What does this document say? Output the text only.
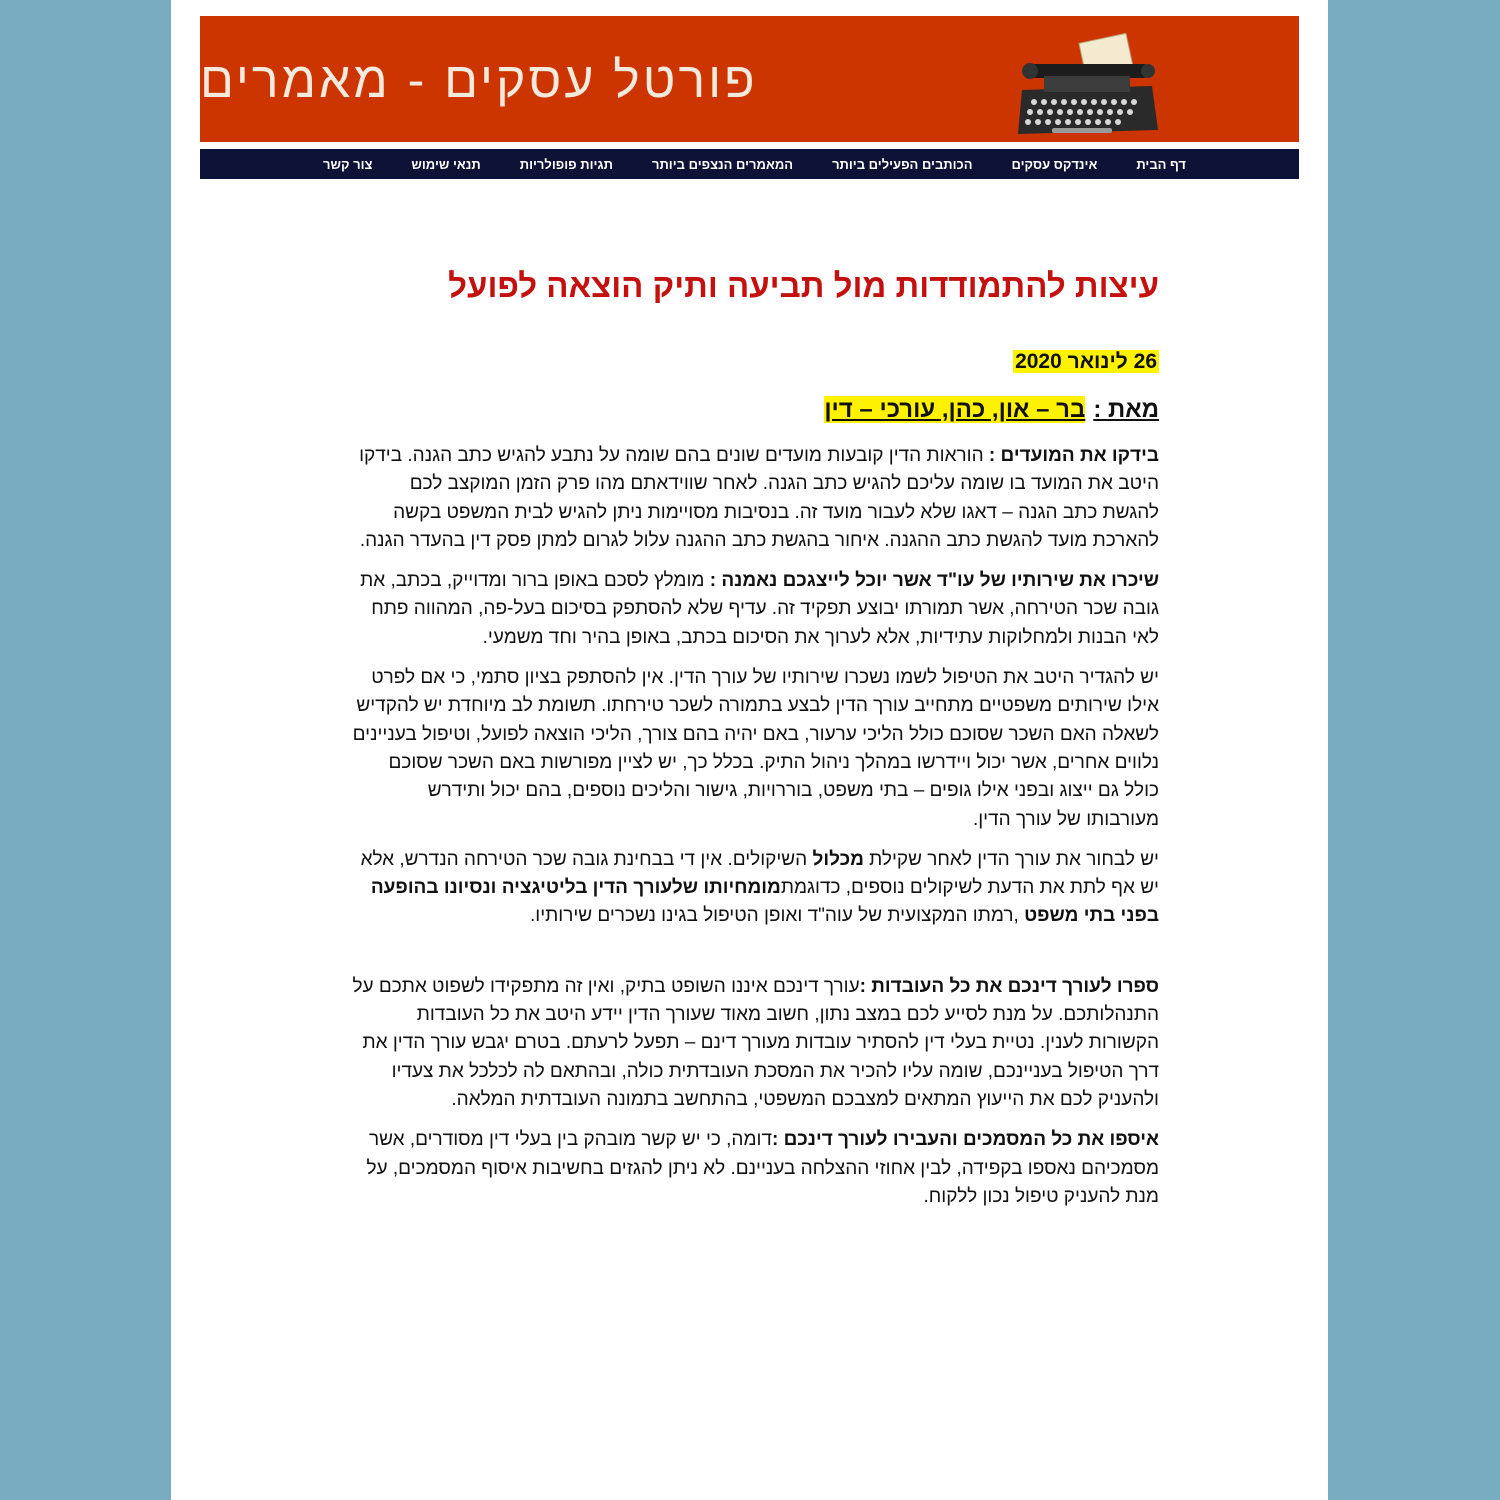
פורטל עסקים - מאמרים
דף הבית
אינדקס עסקים
הכותבים הפעילים ביותר
המאמרים הנצפים ביותר
תגיות פופולריות
תנאי שימוש
צור קשר
עיצות להתמודדות מול תביעה ותיק הוצאה לפועל
26 לינואר 2020
מאת :בר – און, כהן, עורכי – דין

בידקו את המועדים : הוראות הדין קובעות מועדים שונים בהם שומה על נתבע להגיש כתב הגנה. בידקו היטב את המועד בו שומה עליכם להגיש כתב הגנה. לאחר שווידאתם מהו פרק הזמן המוקצב לכם להגשת כתב הגנה – דאגו שלא לעבור מועד זה. בנסיבות מסויימות ניתן להגיש לבית המשפט בקשה להארכת מועד להגשת כתב ההגנה. איחור בהגשת כתב ההגנה עלול לגרום למתן פסק דין בהעדר הגנה.

שיכרו את שירותיו של עו"ד אשר יוכל לייצגכם נאמנה : מומלץ לסכם באופן ברור ומדוייק, בכתב, את גובה שכר הטירחה, אשר תמורתו יבוצע תפקיד זה. עדיף שלא להסתפק בסיכום בעל-פה, המהווה פתח לאי הבנות ולמחלוקות עתידיות, אלא לערוך את הסיכום בכתב, באופן בהיר וחד משמעי.

יש להגדיר היטב את הטיפול לשמו נשכרו שירותיו של עורך הדין. אין להסתפק בציון סתמי, כי אם לפרט אילו שירותים משפטיים מתחייב עורך הדין לבצע בתמורה לשכר טירחתו. תשומת לב מיוחדת יש להקדיש לשאלה האם השכר שסוכם כולל הליכי ערעור, באם יהיה בהם צורך, הליכי הוצאה לפועל, וטיפול בעניינים נלווים אחרים, אשר יכול ויידרשו במהלך ניהול התיק. בכלל כך, יש לציין מפורשות באם השכר שסוכם כולל גם ייצוג ובפני אילו גופים – בתי משפט, בוררויות, גישור והליכים נוספים, בהם יכול ותידרש מעורבותו של עורך הדין.

יש לבחור את עורך הדין לאחר שקילת מכלול השיקולים. אין די בבחינת גובה שכר הטירחה הנדרש, אלא יש אף לתת את הדעת לשיקולים נוספים, כדוגמתמומחיותו שלעורך הדין בליטיגציה ונסיונו בהופעה בפני בתי משפט ,רמתו המקצועית של עוה"ד ואופן הטיפול בגינו נשכרים שירותיו.

ספרו לעורך דינכם את כל העובדות :עורך דינכם איננו השופט בתיק, ואין זה מתפקידו לשפוט אתכם על התנהלותכם. על מנת לסייע לכם במצב נתון, חשוב מאוד שעורך הדין יידע היטב את כל העובדות הקשורות לענין. נטיית בעלי דין להסתיר עובדות מעורך דינם – תפעל לרעתם. בטרם יגבש עורך הדין את דרך הטיפול בעניינכם, שומה עליו להכיר את המסכת העובדתית כולה, ובהתאם לה לכלכל את צעדיו ולהעניק לכם את הייעוץ המתאים למצבכם המשפטי, בהתחשב בתמונה העובדתית המלאה.

איספו את כל המסמכים והעבירו לעורך דינכם :דומה, כי יש קשר מובהק בין בעלי דין מסודרים, אשר מסמכיהם נאספו בקפידה, לבין אחוזי ההצלחה בעניינם. לא ניתן להגזים בחשיבות איסוף המסמכים, על מנת להעניק טיפול נכון ללקוח.
